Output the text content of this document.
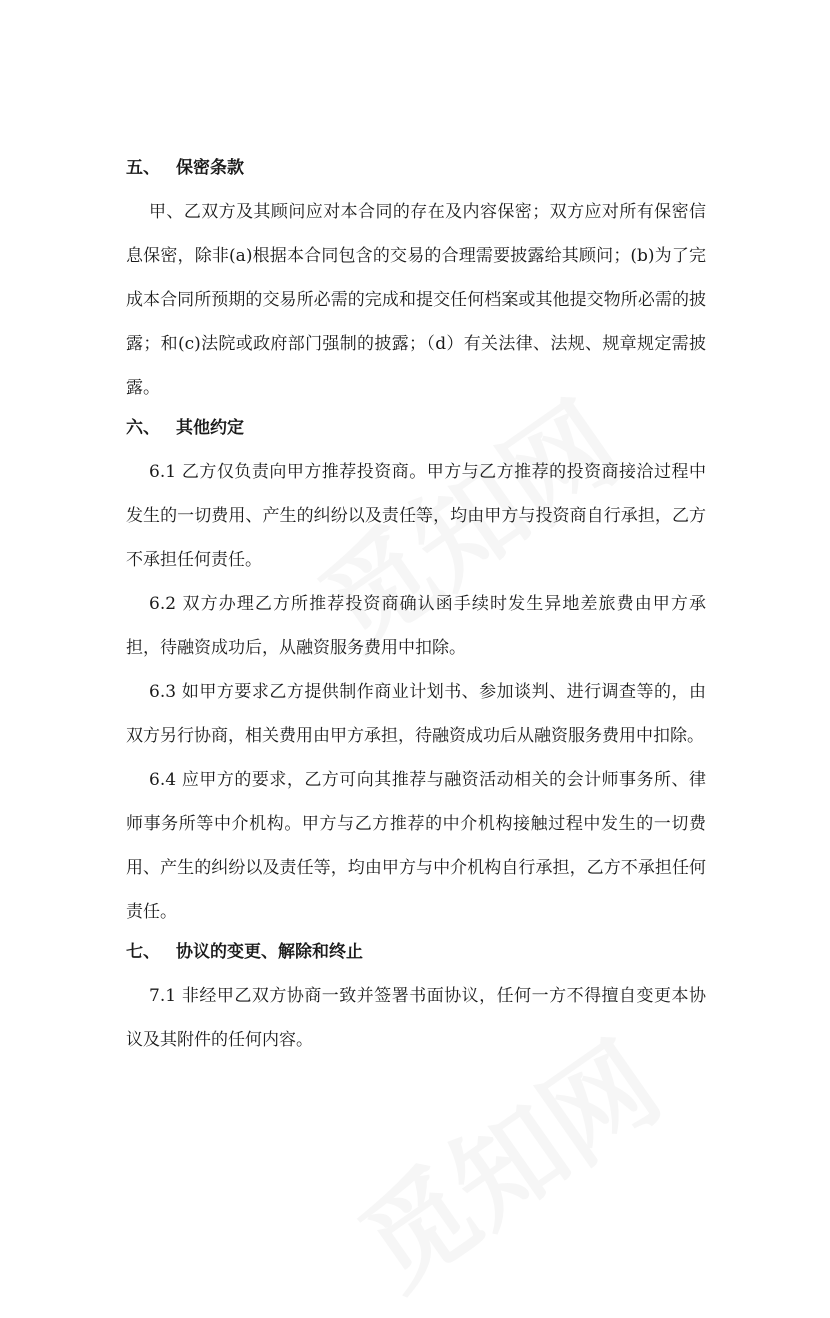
五、 保密条款
甲、乙双方及其顾问应对本合同的存在及内容保密；双方应对所有保密信息保密，除非(a)根据本合同包含的交易的合理需要披露给其顾问；(b)为了完成本合同所预期的交易所必需的完成和提交任何档案或其他提交物所必需的披露；和(c)法院或政府部门强制的披露；（d）有关法律、法规、规章规定需披露。
六、 其他约定
6.1 乙方仅负责向甲方推荐投资商。甲方与乙方推荐的投资商接洽过程中发生的一切费用、产生的纠纷以及责任等，均由甲方与投资商自行承担，乙方不承担任何责任。
6.2 双方办理乙方所推荐投资商确认函手续时发生异地差旅费由甲方承担，待融资成功后，从融资服务费用中扣除。
6.3 如甲方要求乙方提供制作商业计划书、参加谈判、进行调查等的，由双方另行协商，相关费用由甲方承担，待融资成功后从融资服务费用中扣除。
6.4 应甲方的要求，乙方可向其推荐与融资活动相关的会计师事务所、律师事务所等中介机构。甲方与乙方推荐的中介机构接触过程中发生的一切费用、产生的纠纷以及责任等，均由甲方与中介机构自行承担，乙方不承担任何责任。
七、 协议的变更、解除和终止
7.1 非经甲乙双方协商一致并签署书面协议，任何一方不得擅自变更本协议及其附件的任何内容。
